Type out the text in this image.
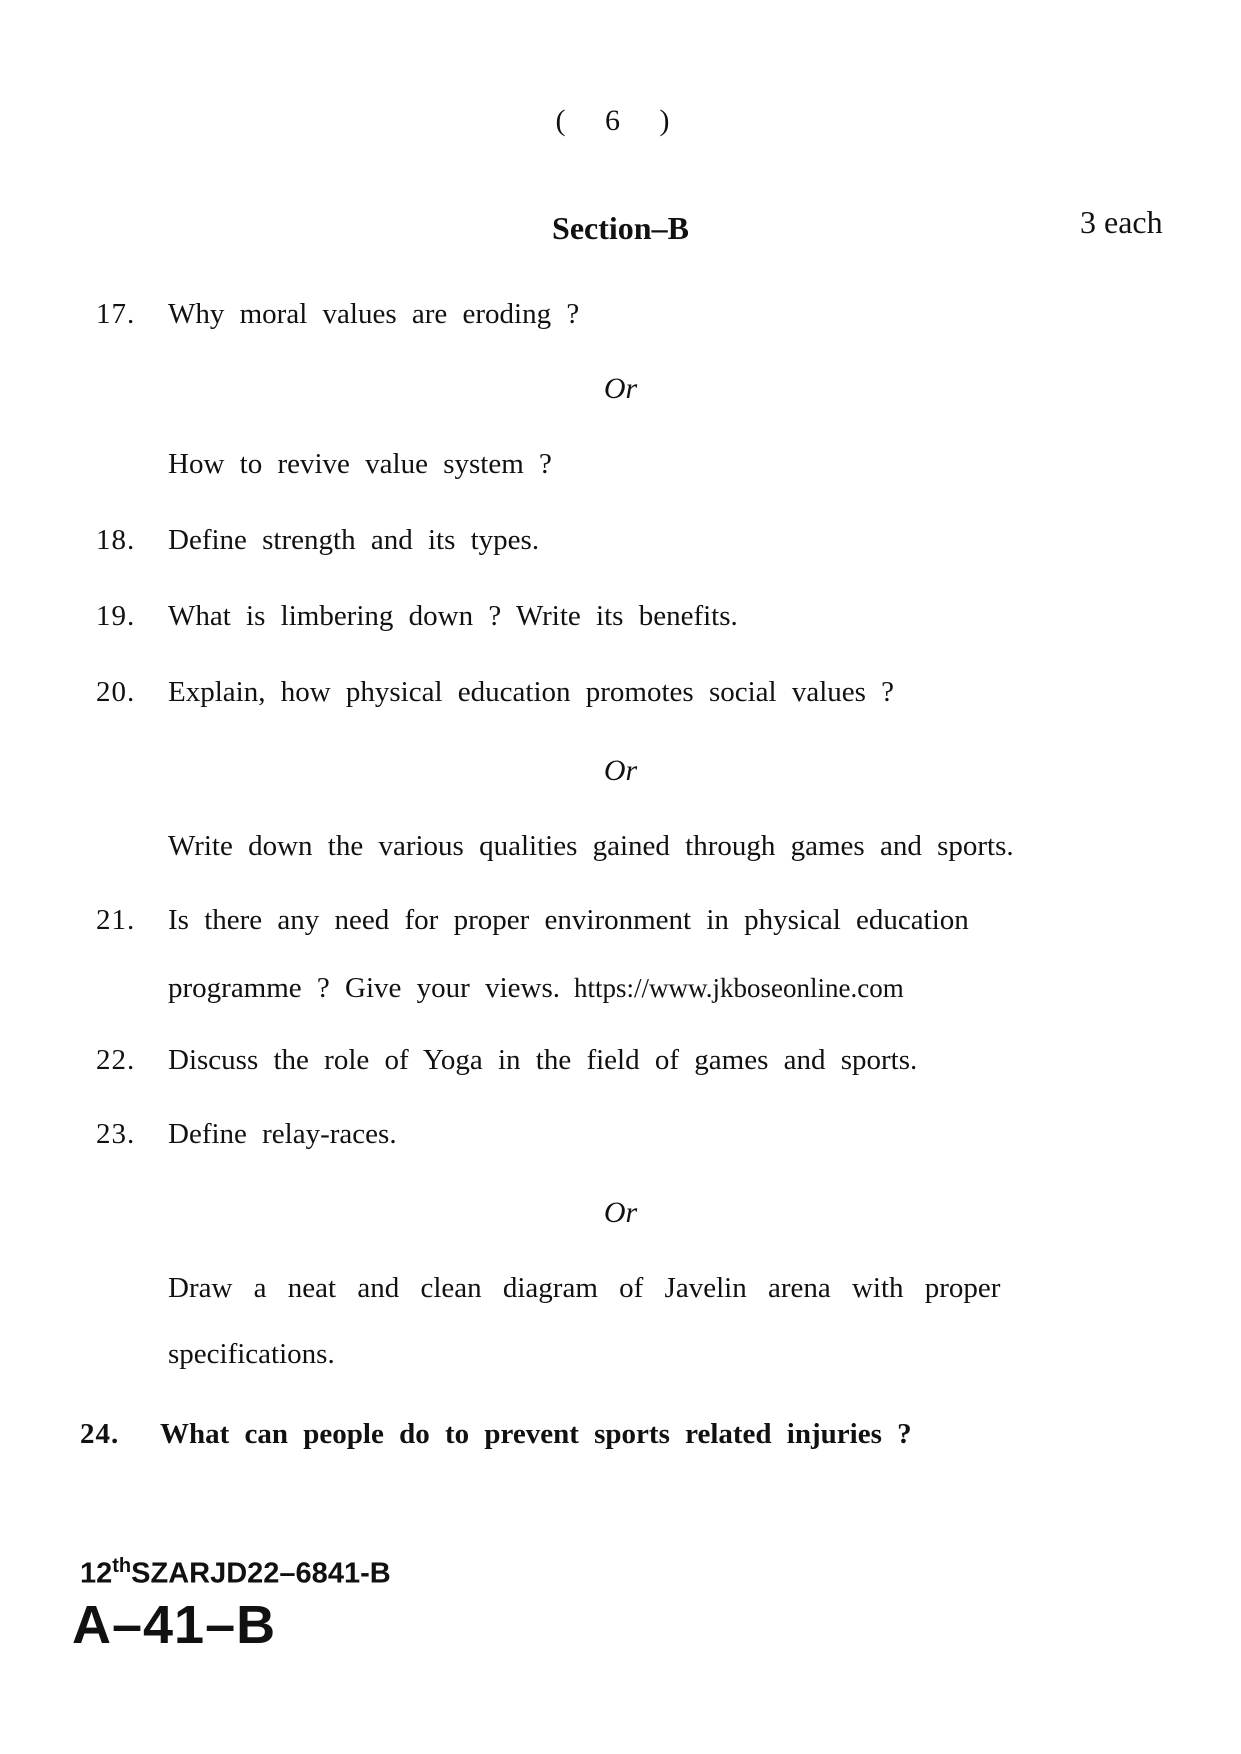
( 6 )
Section–B	3 each
17. Why moral values are eroding ?
Or
How to revive value system ?
18. Define strength and its types.
19. What is limbering down ? Write its benefits.
20. Explain, how physical education promotes social values ?
Or
Write down the various qualities gained through games and sports.
21. Is there any need for proper environment in physical education
programme ? Give your views. https://www.jkboseonline.com
22. Discuss the role of Yoga in the field of games and sports.
23. Define relay-races.
Or
Draw a neat and clean diagram of Javelin arena with proper
specifications.
24. What can people do to prevent sports related injuries ?
12thSZARJD22–6841-B
A–41–B
